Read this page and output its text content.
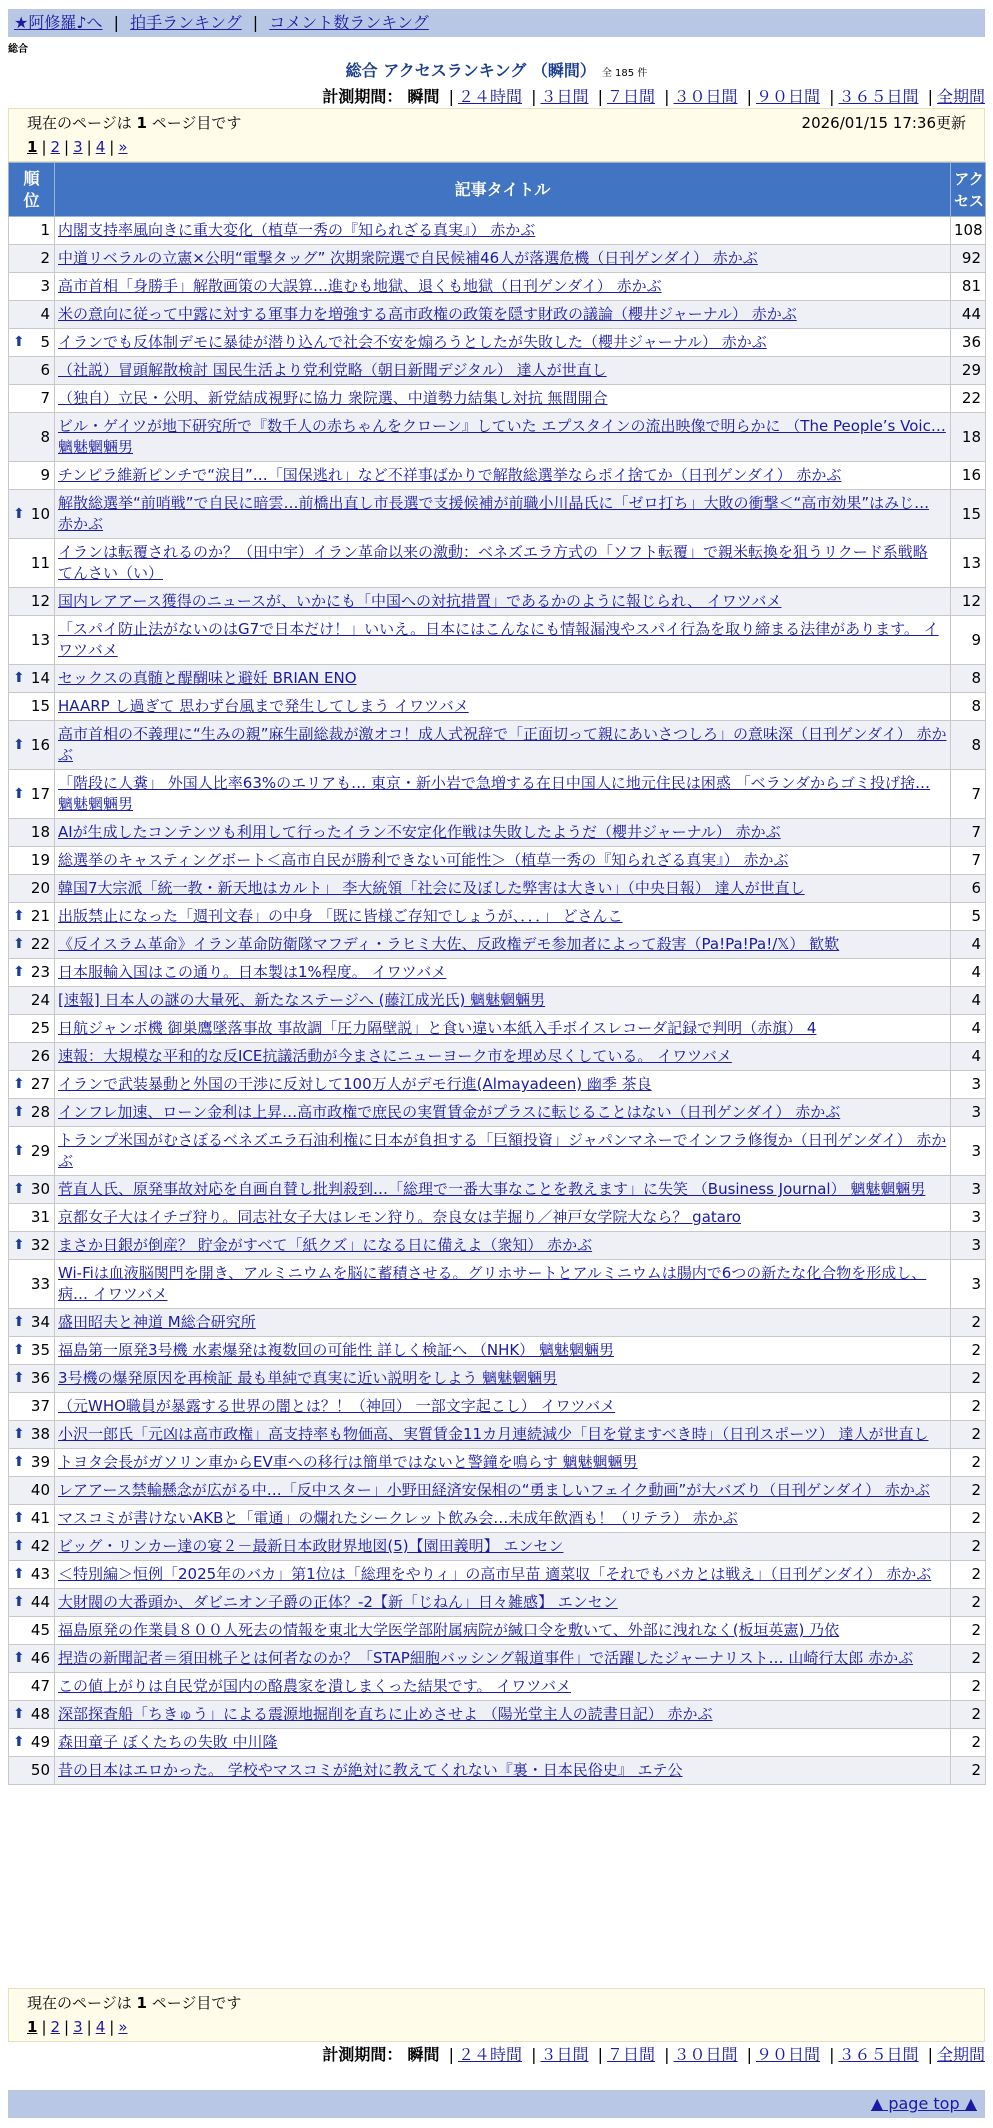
★阿修羅♪へ | 拍手ランキング | コメント数ランキング
総合
総合 アクセスランキング （瞬間） 全 185 件
計測期間： 瞬間 | ２４時間 | ３日間 | ７日間 | ３０日間 | ９０日間 | ３６５日間 | 全期間
現在のページは 1 ページ目です	2026/01/15 17:36更新
1 | 2 | 3 | 4 | »
順位	記事タイトル	アクセス
1	内閣支持率風向きに重大変化（植草一秀の『知られざる真実』） 赤かぶ	108
2	中道リベラルの立憲×公明“電撃タッグ” 次期衆院選で自民候補46人が落選危機（日刊ゲンダイ） 赤かぶ	92
3	高市首相「身勝手」解散画策の大誤算…進むも地獄、退くも地獄（日刊ゲンダイ） 赤かぶ	81
4	米の意向に従って中露に対する軍事力を増強する高市政権の政策を隠す財政の議論（櫻井ジャーナル） 赤かぶ	44

⬆ 5	イランでも反体制デモに暴徒が潜り込んで社会不安を煽ろうとしたが失敗した（櫻井ジャーナル） 赤かぶ	36
6	（社説）冒頭解散検討 国民生活より党利党略（朝日新聞デジタル） 達人が世直し	29
7	（独自）立民・公明、新党結成視野に協力 衆院選、中道勢力結集し対抗 無間開合	22
8	ビル・ゲイツが地下研究所で『数千人の赤ちゃんをクローン』していた エプスタインの流出映像で明らかに （The People’s Voic… 魑魅魍魎男	18
9	チンピラ維新ピンチで“涙目”…「国保逃れ」など不祥事ばかりで解散総選挙ならポイ捨てか（日刊ゲンダイ） 赤かぶ	16

⬆ 10	解散総選挙“前哨戦”で自民に暗雲…前橋出直し市長選で支援候補が前職小川晶氏に「ゼロ打ち」大敗の衝撃＜“高市効果”はみじ… 赤かぶ	15
11	イランは転覆されるのか？（田中宇）イラン革命以来の激動：ベネズエラ方式の「ソフト転覆」で親米転換を狙うリクード系戦略 てんさい（い）	13
12	国内レアアース獲得のニュースが、いかにも「中国への対抗措置」であるかのように報じられ、 イワツバメ	12
13	「スパイ防止法がないのはG7で日本だけ！」いいえ。日本にはこんなにも情報漏洩やスパイ行為を取り締まる法律があります。 イワツバメ	9

⬆ 14	セックスの真髄と醍醐味と避妊 BRIAN ENO	8
15	HAARP し過ぎて 思わず台風まで発生してしまう イワツバメ	8

⬆ 16	高市首相の不義理に“生みの親”麻生副総裁が激オコ！成人式祝辞で「正面切って親にあいさつしろ」の意味深（日刊ゲンダイ） 赤かぶ	8

⬆ 17	「階段に人糞」 外国人比率63%のエリアも… 東京・新小岩で急増する在日中国人に地元住民は困惑 「ベランダからゴミ投げ捨… 魑魅魍魎男	7
18	AIが生成したコンテンツも利用して行ったイラン不安定化作戦は失敗したようだ（櫻井ジャーナル） 赤かぶ	7
19	総選挙のキャスティングボート＜高市自民が勝利できない可能性＞（植草一秀の『知られざる真実』） 赤かぶ	7
20	韓国7大宗派「統一教・新天地はカルト」 李大統領「社会に及ぼした弊害は大きい」（中央日報） 達人が世直し	6

⬆ 21	出版禁止になった「週刊文春」の中身 「既に皆様ご存知でしょうが、．．．」 どさんこ	5

⬆ 22	《反イスラム革命》イラン革命防衛隊マフディ・ラヒミ大佐、反政権デモ参加者によって殺害（Pa!Pa!Pa!/𝕏） 歓歎	4

⬆ 23	日本服輸入国はこの通り。日本製は1%程度。 イワツバメ	4
24	[速報] 日本人の謎の大量死、新たなステージへ (藤江成光氏) 魑魅魍魎男	4
25	日航ジャンボ機 御巣鷹墜落事故 事故調「圧力隔壁説」と食い違い本紙入手ボイスレコーダ記録で判明（赤旗） 4	4
26	速報：大規模な平和的な反ICE抗議活動が今まさにニューヨーク市を埋め尽くしている。 イワツバメ	4

⬆ 27	イランで武装暴動と外国の干渉に反対して100万人がデモ行進(Almayadeen) 幽季 茶良	3

⬆ 28	インフレ加速、ローン金利は上昇…高市政権で庶民の実質賃金がプラスに転じることはない（日刊ゲンダイ） 赤かぶ	3

⬆ 29	トランプ米国がむさぼるベネズエラ石油利権に日本が負担する「巨額投資」ジャパンマネーでインフラ修復か（日刊ゲンダイ） 赤かぶ	3

⬆ 30	菅直人氏、原発事故対応を自画自賛し批判殺到…「総理で一番大事なことを教えます」に失笑 （Business Journal） 魑魅魍魎男	3
31	京都女子大はイチゴ狩り。同志社女子大はレモン狩り。奈良女は芋掘り／神戸女学院大なら？ gataro	3

⬆ 32	まさか日銀が倒産？ 貯金がすべて「紙クズ」になる日に備えよ（衆知） 赤かぶ	3
33	Wi-Fiは血液脳関門を開き、アルミニウムを脳に蓄積させる。グリホサートとアルミニウムは腸内で6つの新たな化合物を形成し、病… イワツバメ	3

⬆ 34	盛田昭夫と神道 M総合研究所	2

⬆ 35	福島第一原発3号機 水素爆発は複数回の可能性 詳しく検証へ （NHK） 魑魅魍魎男	2

⬆ 36	3号機の爆発原因を再検証 最も単純で真実に近い説明をしよう 魑魅魍魎男	2
37	（元WHO職員が暴露する世界の闇とは？！（神回） 一部文字起こし） イワツバメ	2

⬆ 38	小沢一郎氏「元凶は高市政権」高支持率も物価高、実質賃金11カ月連続減少「目を覚ますべき時」（日刊スポーツ） 達人が世直し	2

⬆ 39	トヨタ会長がガソリン車からEV車への移行は簡単ではないと警鐘を鳴らす 魑魅魍魎男	2
40	レアアース禁輸懸念が広がる中…「反中スター」小野田経済安保相の“勇ましいフェイク動画”が大バズり（日刊ゲンダイ） 赤かぶ	2

⬆ 41	マスコミが書けないAKBと「電通」の爛れたシークレット飲み会…未成年飲酒も！（リテラ） 赤かぶ	2

⬆ 42	ビッグ・リンカー達の宴２－最新日本政財界地図(5)【園田義明】 エンセン	2

⬆ 43	＜特別編＞恒例「2025年のバカ」第1位は「総理をやりィ」の高市早苗 適菜収「それでもバカとは戦え」（日刊ゲンダイ） 赤かぶ	2

⬆ 44	大財閥の大番頭か、ダビニオン子爵の正体？-2【新「じねん」日々雑感】 エンセン	2
45	福島原発の作業員８００人死去の情報を東北大学医学部附属病院が緘口令を敷いて、外部に洩れなく(板垣英憲) 乃依	2

⬆ 46	捏造の新聞記者＝須田桃子とは何者なのか？「STAP細胞バッシング報道事件」で活躍したジャーナリスト… 山崎行太郎 赤かぶ	2
47	この値上がりは自民党が国内の酪農家を潰しまくった結果です。 イワツバメ	2

⬆ 48	深部探査船「ちきゅう」による震源地掘削を直ちに止めさせよ （陽光堂主人の読書日記） 赤かぶ	2

⬆ 49	森田童子 ぼくたちの失敗 中川隆	2
50	昔の日本はエロかった。 学校やマスコミが絶対に教えてくれない『裏・日本民俗史』 エテ公	2
現在のページは 1 ページ目です
1 | 2 | 3 | 4 | »
計測期間： 瞬間 | ２４時間 | ３日間 | ７日間 | ３０日間 | ９０日間 | ３６５日間 | 全期間
▲ page top ▲
